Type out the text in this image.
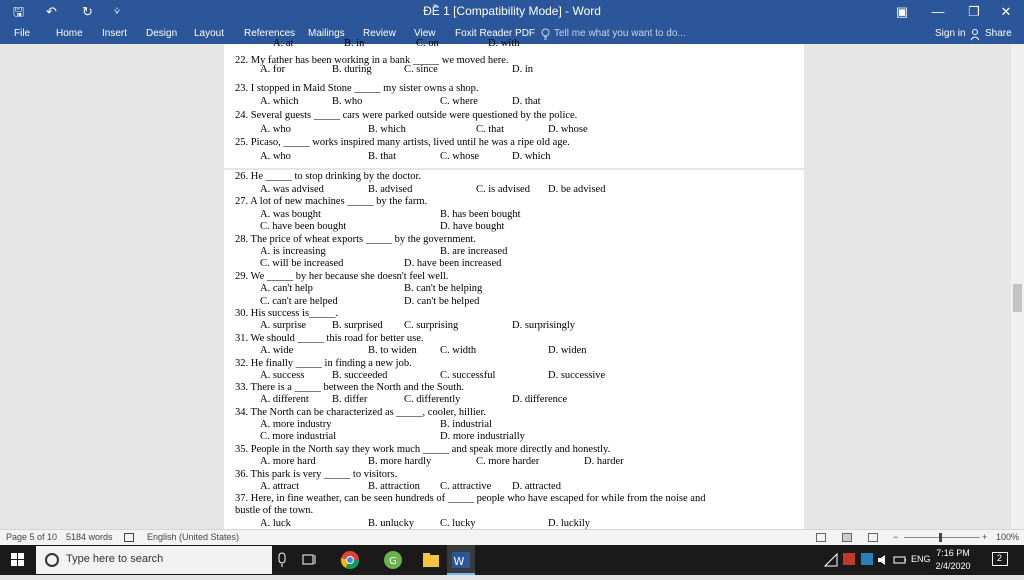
🖫 ↶ ↻ ⩒	ĐỀ 1 [Compatibility Mode] - Word	▣	—	❐	✕
File	Home Insert Design Layout References Mailings Review View Foxit Reader PDF Tell me what you want to do...	Sign in Share
A. at	B. in	C. on	D. with
22. My father has been working in a bank _____ we moved here.
A. for	B. during	C. since	D. in
23. I stopped in Maid Stone _____ my sister owns a shop.
A. which	B. who	C. where	D. that
24. Several guests _____ cars were parked outside were questioned by the police.
A. who	B. which	C. that	D. whose
25. Picaso, _____ works inspired many artists, lived until he was a ripe old age.
A. who	B. that	C. whose	D. which
26. He _____ to stop drinking by the doctor.
A. was advised	B. advised	C. is advised D. be advised
27. A lot of new machines _____ by the farm.
A. was bought	B. has been bought
C. have been bought	D. have bought
28. The price of wheat exports _____ by the government.
A. is increasing	B. are increased
C. will be increased	D. have been increased
29. We _____ by her because she doesn't feel well.
A. can't help	B. can't be helping
C. can't are helped	D. can't be helped
30. His success is_____.
A. surprise B. surprised C. surprising	D. surprisingly
31. We should _____ this road for better use.
A. wide	B. to widen C. width	D. widen
32. He finally _____ in finding a new job.
A. success	B. succeeded	C. successful	D. successive
33. There is a _____ between the North and the South.
A. different B. differ	C. differently	D. difference
34. The North can be characterized as _____, cooler, hillier.
A. more industry	B. industrial
C. more industrial	D. more industrially
35. People in the North say they work much _____ and speak more directly and honestly.
A. more hard	B. more hardly	C. more harder	D. harder
36. This park is very _____ to visitors.
A. attract	B. attraction C. attractive D. attracted
37. Here, in fine weather, can be seen hundreds of _____ people who have escaped for while from the noise and
bustle of the town.
A. luck	B. unlucky C. lucky	D. luckily
Page 5 of 10 5184 words	English (United States)	−	+ 100%
Type here to search	G	W	ENG
7:16 PM
2/4/2020
2
